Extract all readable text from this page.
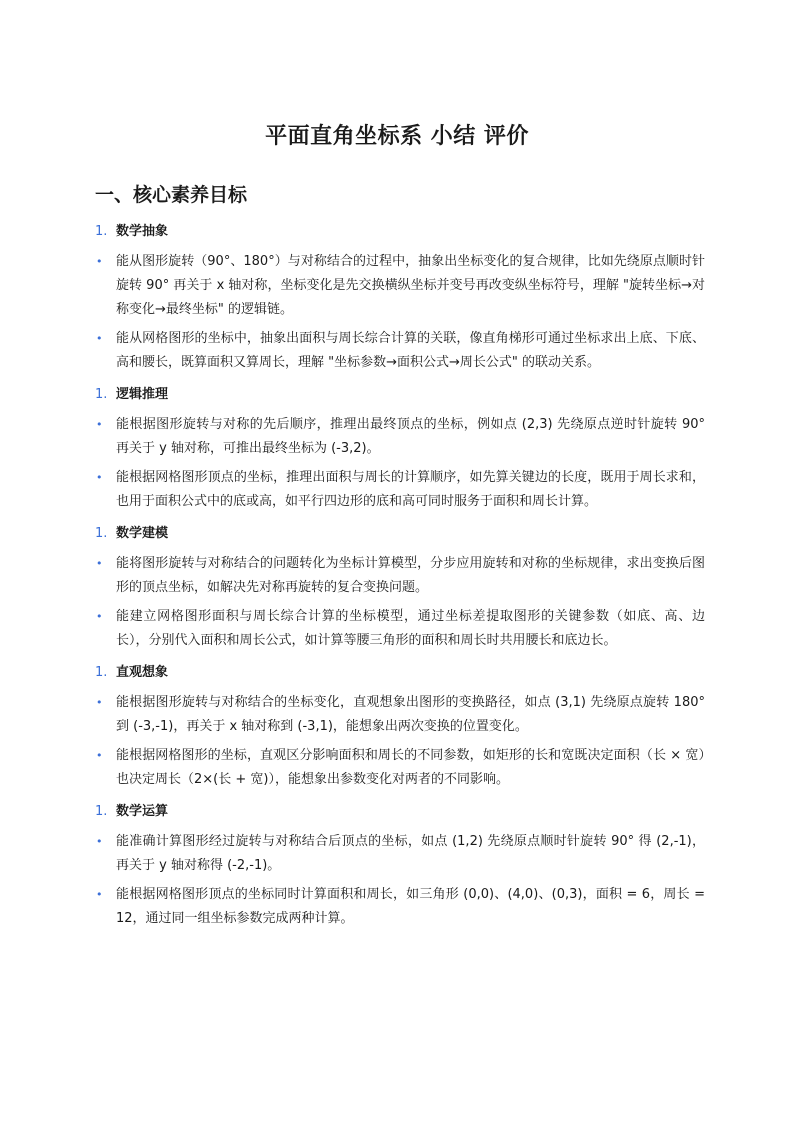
平面直角坐标系 小结 评价
一、核心素养目标
1. 数学抽象
• 能从图形旋转（90°、180°）与对称结合的过程中，抽象出坐标变化的复合规律，比如先绕原点顺时针旋转 90° 再关于 x 轴对称，坐标变化是先交换横纵坐标并变号再改变纵坐标符号，理解 "旋转坐标→对称变化→最终坐标" 的逻辑链。
• 能从网格图形的坐标中，抽象出面积与周长综合计算的关联，像直角梯形可通过坐标求出上底、下底、高和腰长，既算面积又算周长，理解 "坐标参数→面积公式→周长公式" 的联动关系。
1. 逻辑推理
• 能根据图形旋转与对称的先后顺序，推理出最终顶点的坐标，例如点 (2,3) 先绕原点逆时针旋转 90° 再关于 y 轴对称，可推出最终坐标为 (-3,2)。
• 能根据网格图形顶点的坐标，推理出面积与周长的计算顺序，如先算关键边的长度，既用于周长求和，也用于面积公式中的底或高，如平行四边形的底和高可同时服务于面积和周长计算。
1. 数学建模
• 能将图形旋转与对称结合的问题转化为坐标计算模型，分步应用旋转和对称的坐标规律，求出变换后图形的顶点坐标，如解决先对称再旋转的复合变换问题。
• 能建立网格图形面积与周长综合计算的坐标模型，通过坐标差提取图形的关键参数（如底、高、边长），分别代入面积和周长公式，如计算等腰三角形的面积和周长时共用腰长和底边长。
1. 直观想象
• 能根据图形旋转与对称结合的坐标变化，直观想象出图形的变换路径，如点 (3,1) 先绕原点旋转 180° 到 (-3,-1)，再关于 x 轴对称到 (-3,1)，能想象出两次变换的位置变化。
• 能根据网格图形的坐标，直观区分影响面积和周长的不同参数，如矩形的长和宽既决定面积（长 × 宽）也决定周长（2×(长 + 宽)），能想象出参数变化对两者的不同影响。
1. 数学运算
• 能准确计算图形经过旋转与对称结合后顶点的坐标，如点 (1,2) 先绕原点顺时针旋转 90° 得 (2,-1)，再关于 y 轴对称得 (-2,-1)。
• 能根据网格图形顶点的坐标同时计算面积和周长，如三角形 (0,0)、(4,0)、(0,3)，面积 = 6，周长 = 12，通过同一组坐标参数完成两种计算。
